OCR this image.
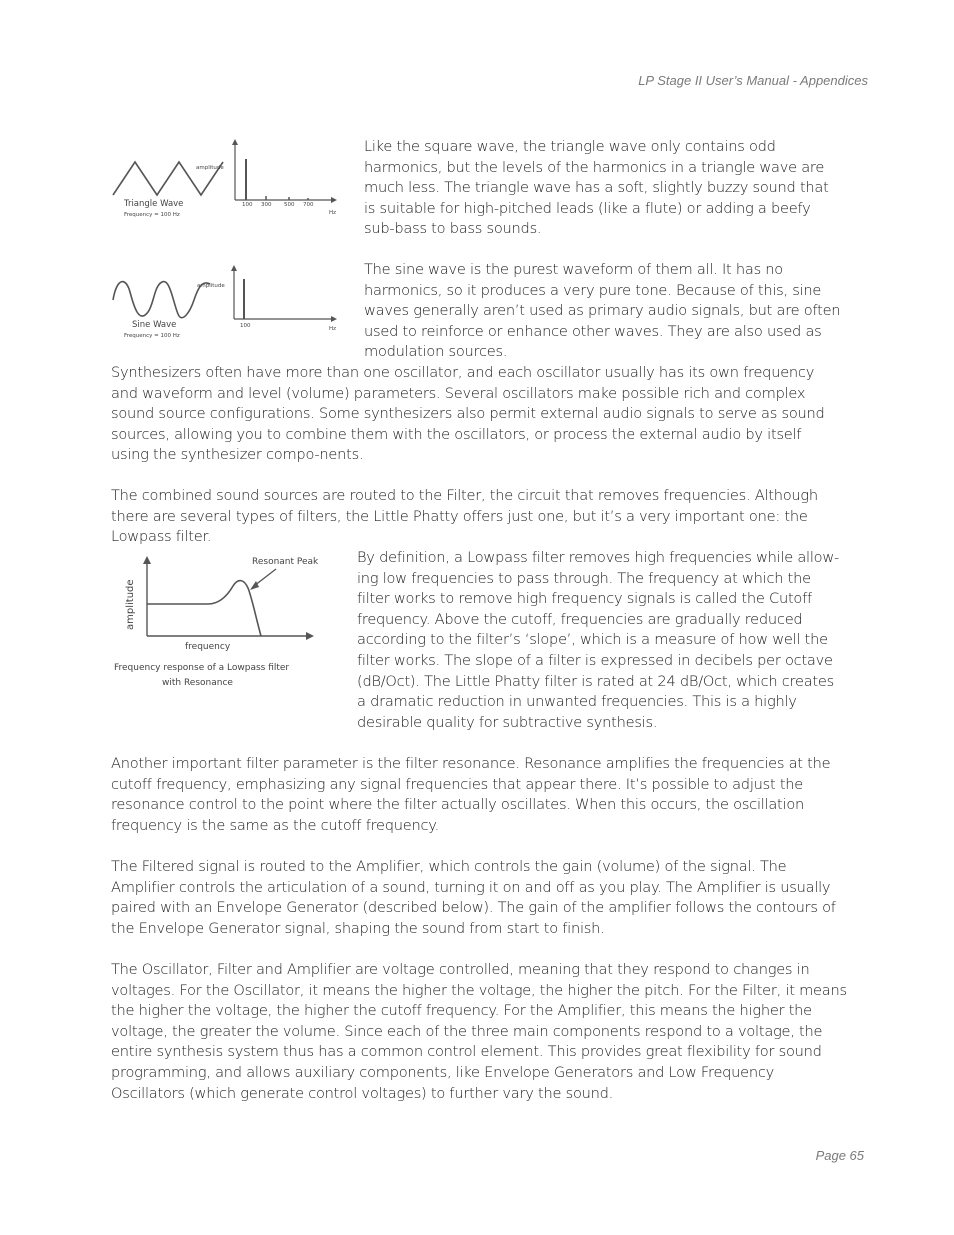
LP Stage II User’s Manual - Appendices
Triangle Wave
Frequency = 100 Hz
amplitude
100 300 500 700
Hz

Like the square wave, the triangle wave only contains odd harmonics, but the levels of the harmonics in a triangle wave are much less. The triangle wave has a soft, slightly buzzy sound that is suitable for high-pitched leads (like a flute) or adding a beefy sub-bass to bass sounds.

Sine Wave
Frequency = 100 Hz
amplitude
100	Hz

The sine wave is the purest waveform of them all. It has no harmonics, so it produces a very pure tone. Because of this, sine waves generally aren’t used as primary audio signals, but are often used to reinforce or enhance other waves. They are also used as modulation sources.

Synthesizers often have more than one oscillator, and each oscillator usually has its own frequency and waveform and level (volume) parameters. Several oscillators make possible rich and complex sound source configurations. Some synthesizers also permit external audio signals to serve as sound sources, allowing you to combine them with the oscillators, or process the external audio by itself using the synthesizer compo-nents.

The combined sound sources are routed to the Filter, the circuit that removes frequencies. Although there are several types of filters, the Little Phatty offers just one, but it’s a very important one: the Lowpass filter.

Resonant Peak
amplitude
frequency
Frequency response of a Lowpass filter
with Resonance

By definition, a Lowpass filter removes high frequencies while allow-ing low frequencies to pass through. The frequency at which the filter works to remove high frequency signals is called the Cutoff frequency. Above the cutoff, frequencies are gradually reduced according to the filter’s ‘slope’, which is a measure of how well the filter works. The slope of a filter is expressed in decibels per octave (dB/Oct). The Little Phatty filter is rated at 24 dB/Oct, which creates a dramatic reduction in unwanted frequencies. This is a highly desirable quality for subtractive synthesis.

Another important filter parameter is the filter resonance. Resonance amplifies the frequencies at the cutoff frequency, emphasizing any signal frequencies that appear there. It’s possible to adjust the resonance control to the point where the filter actually oscillates. When this occurs, the oscillation frequency is the same as the cutoff frequency.

The Filtered signal is routed to the Amplifier, which controls the gain (volume) of the signal. The Amplifier controls the articulation of a sound, turning it on and off as you play. The Amplifier is usually paired with an Envelope Generator (described below). The gain of the amplifier follows the contours of the Envelope Generator signal, shaping the sound from start to finish.

The Oscillator, Filter and Amplifier are voltage controlled, meaning that they respond to changes in voltages. For the Oscillator, it means the higher the voltage, the higher the pitch. For the Filter, it means the higher the voltage, the higher the cutoff frequency. For the Amplifier, this means the higher the voltage, the greater the volume. Since each of the three main components respond to a voltage, the entire synthesis system thus has a common control element. This provides great flexibility for sound programming, and allows auxiliary components, like Envelope Generators and Low Frequency Oscillators (which generate control voltages) to further vary the sound.

Page 65
